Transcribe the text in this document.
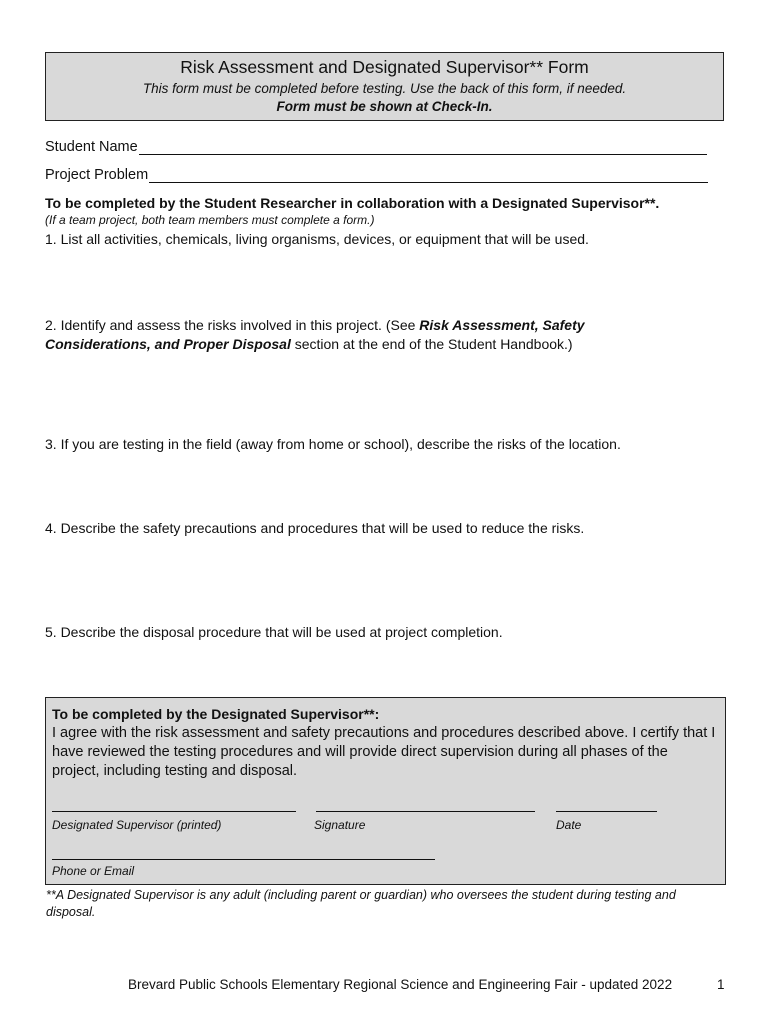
Risk Assessment and Designated Supervisor** Form
This form must be completed before testing. Use the back of this form, if needed.
Form must be shown at Check-In.
Student Name
Project Problem
To be completed by the Student Researcher in collaboration with a Designated Supervisor**.
(If a team project, both team members must complete a form.)
1. List all activities, chemicals, living organisms, devices, or equipment that will be used.
2. Identify and assess the risks involved in this project. (See Risk Assessment, Safety
Considerations, and Proper Disposal section at the end of the Student Handbook.)
3. If you are testing in the field (away from home or school), describe the risks of the location.
4. Describe the safety precautions and procedures that will be used to reduce the risks.
5. Describe the disposal procedure that will be used at project completion.
To be completed by the Designated Supervisor**:
I agree with the risk assessment and safety precautions and procedures described above. I certify that I have reviewed the testing procedures and will provide direct supervision during all phases of the project, including testing and disposal.
Designated Supervisor (printed)	Signature	Date
Phone or Email
**A Designated Supervisor is any adult (including parent or guardian) who oversees the student during testing and disposal.
Brevard Public Schools Elementary Regional Science and Engineering Fair - updated 2022	1
